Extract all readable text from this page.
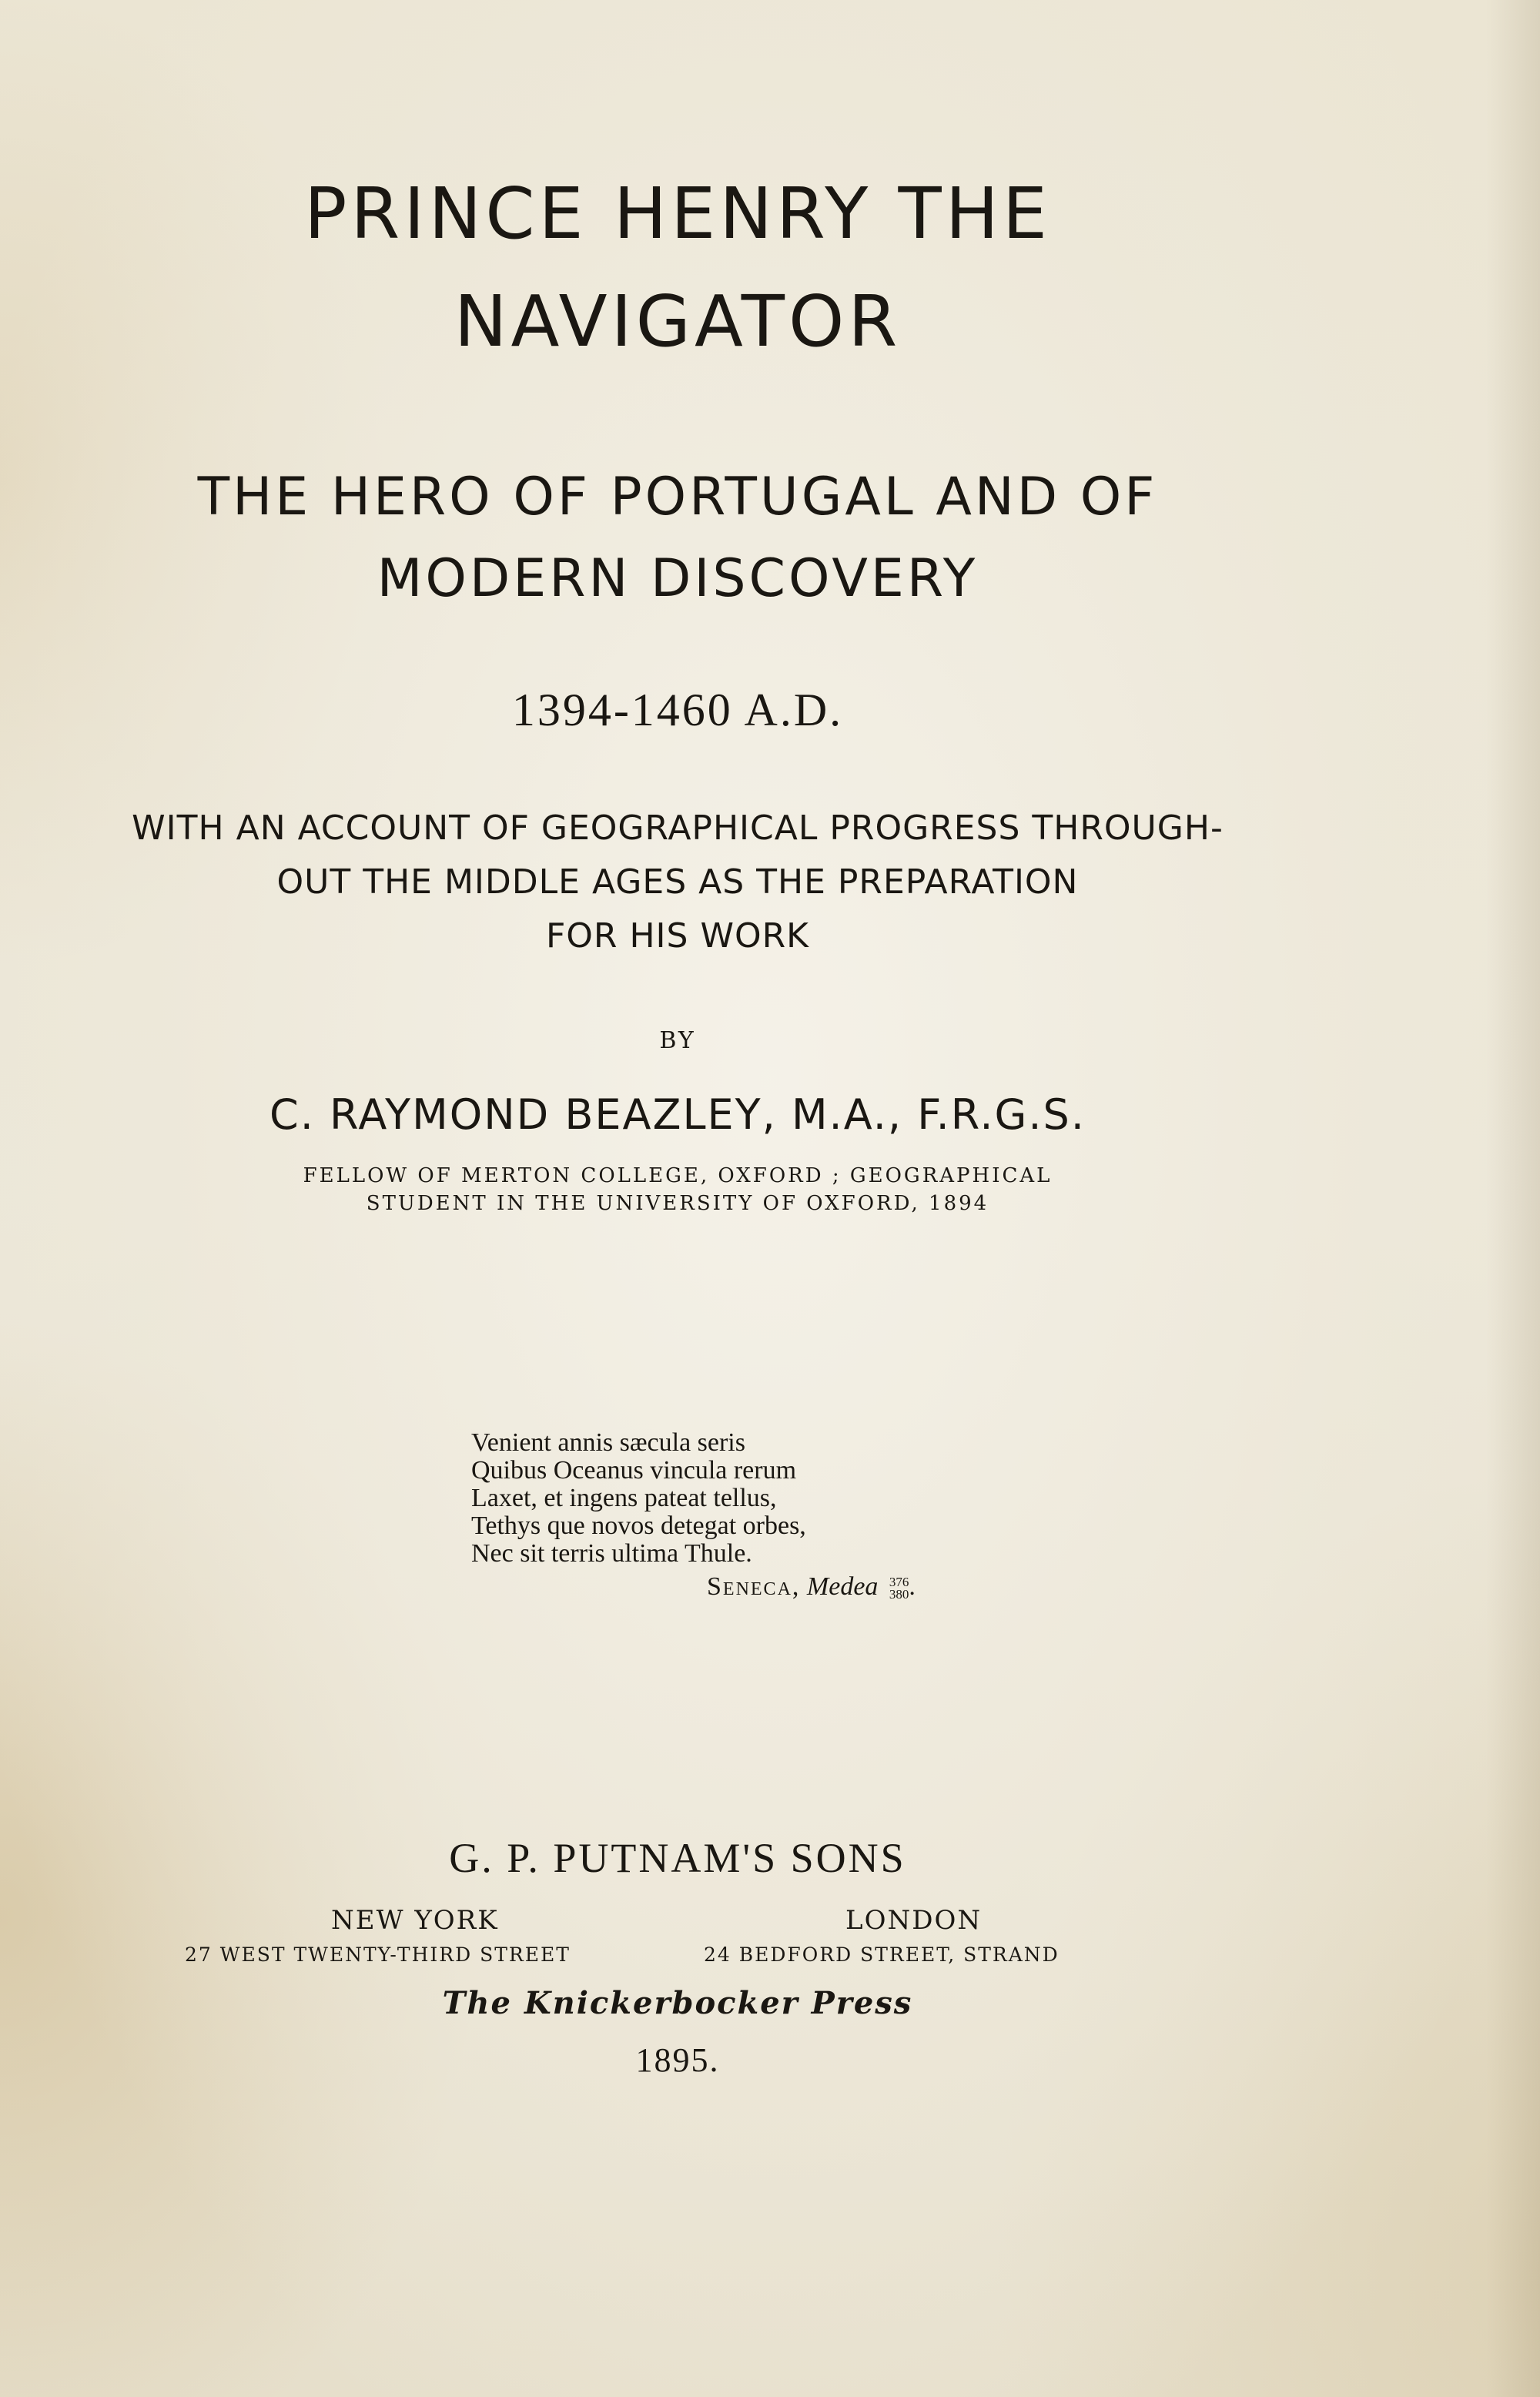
PRINCE HENRY THE
NAVIGATOR
THE HERO OF PORTUGAL AND OF
MODERN DISCOVERY
1394-1460 A.D.
WITH AN ACCOUNT OF GEOGRAPHICAL PROGRESS THROUGH-
OUT THE MIDDLE AGES AS THE PREPARATION
FOR HIS WORK
BY
C. RAYMOND BEAZLEY, M.A., F.R.G.S.
FELLOW OF MERTON COLLEGE, OXFORD ; GEOGRAPHICAL
STUDENT IN THE UNIVERSITY OF OXFORD, 1894
Venient annis sæcula seris
Quibus Oceanus vincula rerum
Laxet, et ingens pateat tellus,
Tethys que novos detegat orbes,
Nec sit terris ultima Thule.
Seneca, Medea 376
380 .
G. P. PUTNAM'S SONS
NEW YORK
27 WEST TWENTY-THIRD STREET
LONDON
24 BEDFORD STREET, STRAND
The Knickerbocker Press
1895.
